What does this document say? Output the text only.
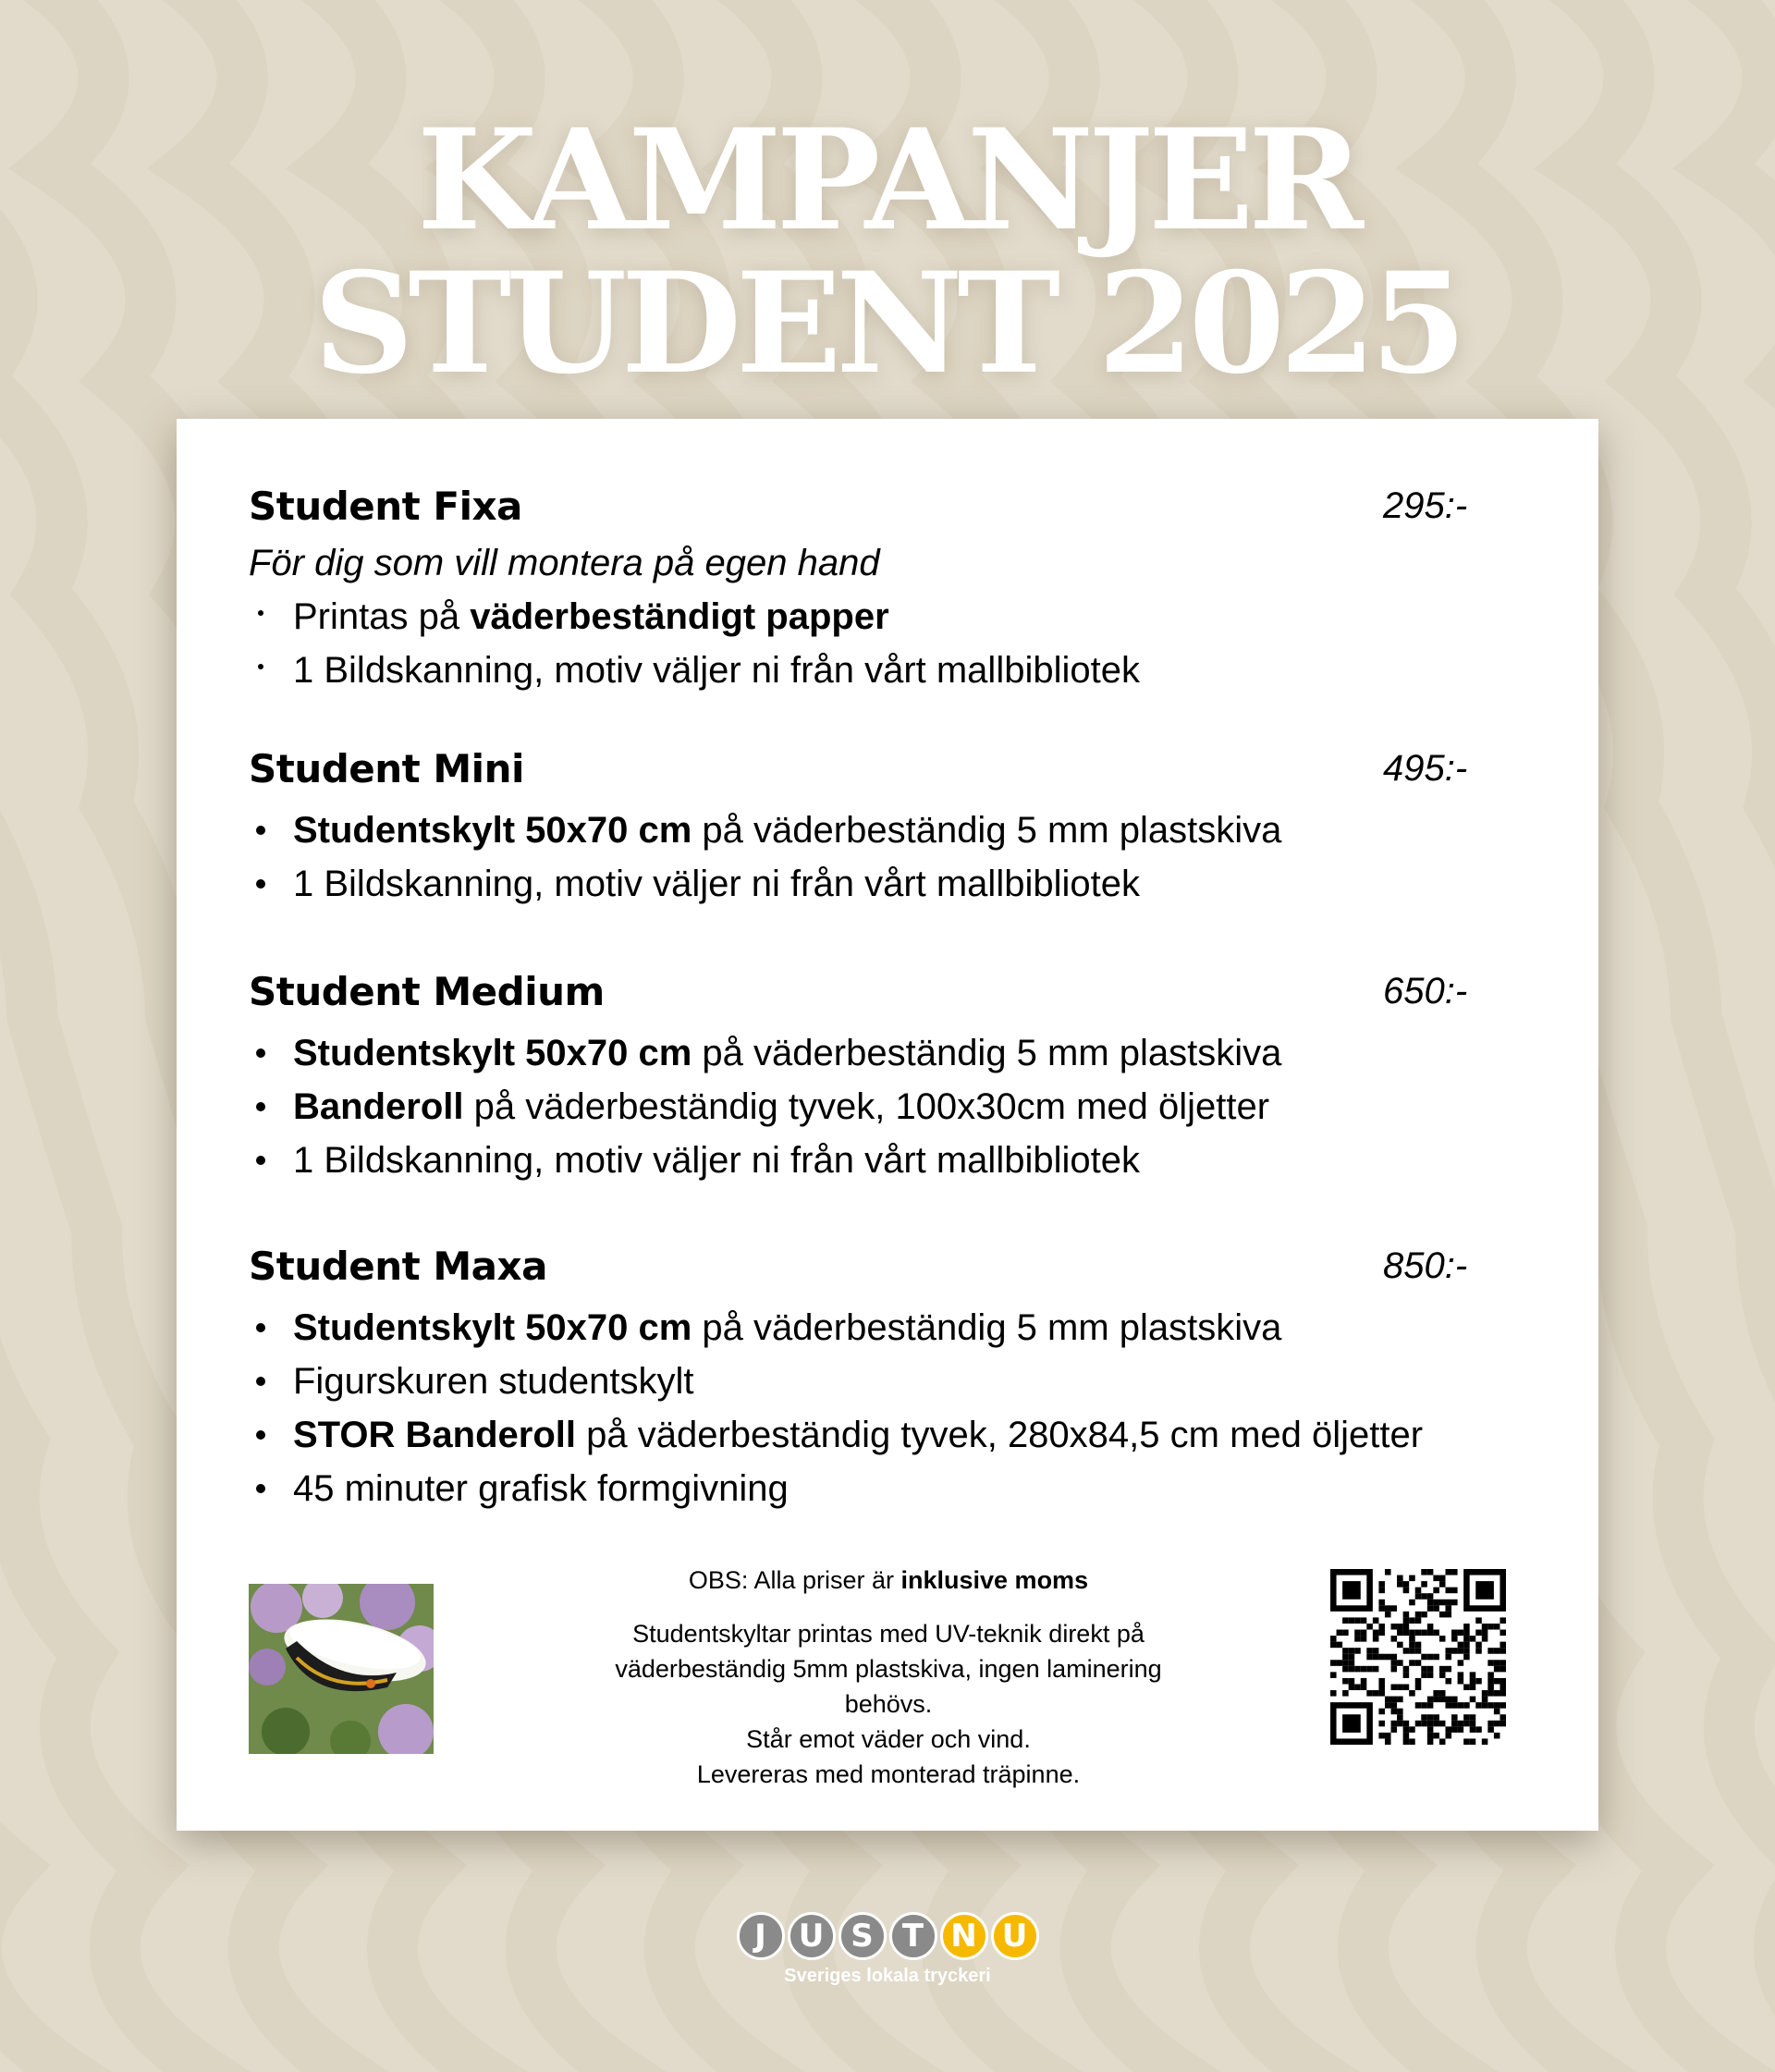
KAMPANJER
STUDENT 2025
Student Fixa	295:-
För dig som vill montera på egen hand
Printas på väderbeständigt papper
1 Bildskanning, motiv väljer ni från vårt mallbibliotek
Student Mini	495:-
Studentskylt 50x70 cm på väderbeständig 5 mm plastskiva
1 Bildskanning, motiv väljer ni från vårt mallbibliotek
Student Medium	650:-
Studentskylt 50x70 cm på väderbeständig 5 mm plastskiva
Banderoll på väderbeständig tyvek, 100x30cm med öljetter
1 Bildskanning, motiv väljer ni från vårt mallbibliotek
Student Maxa	850:-
Studentskylt 50x70 cm på väderbeständig 5 mm plastskiva
Figurskuren studentskylt
STOR Banderoll på väderbeständig tyvek, 280x84,5 cm med öljetter
45 minuter grafisk formgivning
OBS: Alla priser är inklusive moms
Studentskyltar printas med UV-teknik direkt på
väderbeständig 5mm plastskiva, ingen laminering behövs.
Står emot väder och vind.
Levereras med monterad träpinne.
J	U S T N U
Sveriges lokala tryckeri
